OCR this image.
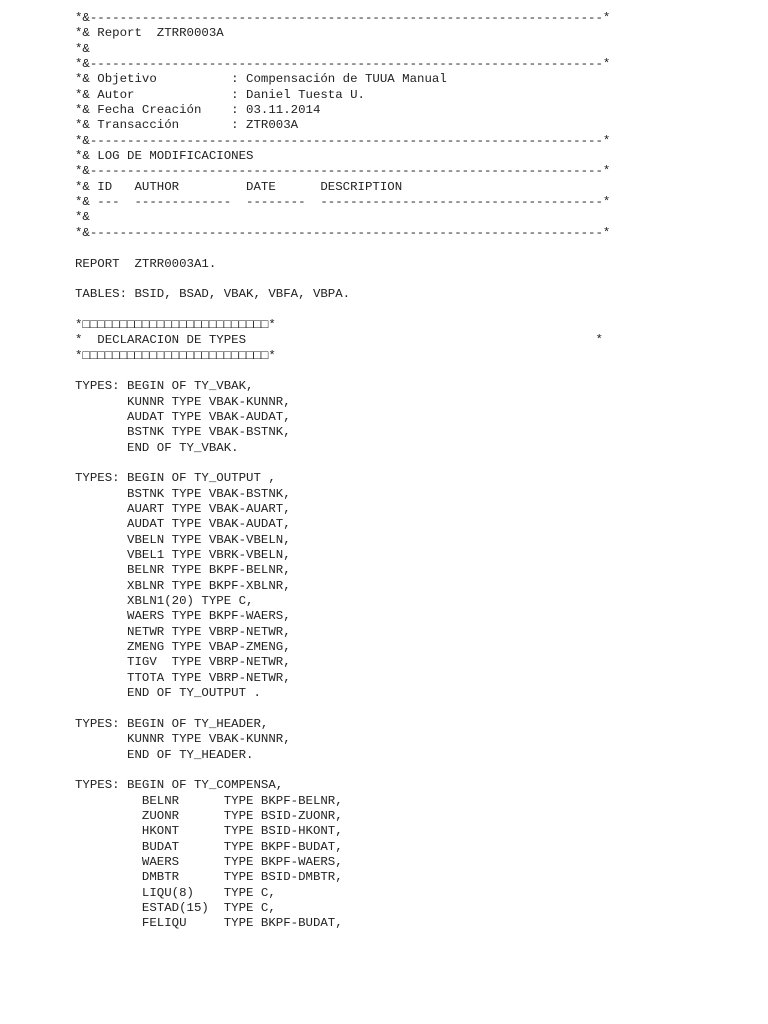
*&---------------------------------------------------------------------*
*& Report  ZTRR0003A
*&
*&---------------------------------------------------------------------*
*& Objetivo          : Compensación de TUUA Manual
*& Autor             : Daniel Tuesta U.
*& Fecha Creación    : 03.11.2014
*& Transacción       : ZTR003A
*&---------------------------------------------------------------------*
*& LOG DE MODIFICACIONES
*&---------------------------------------------------------------------*
*& ID   AUTHOR         DATE      DESCRIPTION
*& ---  -------------  --------  --------------------------------------*
*&
*&---------------------------------------------------------------------*
REPORT  ZTRR0003A1.
TABLES: BSID, BSAD, VBAK, VBFA, VBPA.
*□□□□□□□□□□□□□□□□□□□□□□□□□*
*  DECLARACION DE TYPES                                               *
*□□□□□□□□□□□□□□□□□□□□□□□□□*
TYPES: BEGIN OF TY_VBAK,
KUNNR TYPE VBAK-KUNNR,
AUDAT TYPE VBAK-AUDAT,
BSTNK TYPE VBAK-BSTNK,
END OF TY_VBAK.
TYPES: BEGIN OF TY_OUTPUT ,
BSTNK TYPE VBAK-BSTNK,
AUART TYPE VBAK-AUART,
AUDAT TYPE VBAK-AUDAT,
VBELN TYPE VBAK-VBELN,
VBEL1 TYPE VBRK-VBELN,
BELNR TYPE BKPF-BELNR,
XBLNR TYPE BKPF-XBLNR,
XBLN1(20) TYPE C,
WAERS TYPE BKPF-WAERS,
NETWR TYPE VBRP-NETWR,
ZMENG TYPE VBAP-ZMENG,
TIGV  TYPE VBRP-NETWR,
TTOTA TYPE VBRP-NETWR,
END OF TY_OUTPUT .
TYPES: BEGIN OF TY_HEADER,
KUNNR TYPE VBAK-KUNNR,
END OF TY_HEADER.
TYPES: BEGIN OF TY_COMPENSA,
BELNR      TYPE BKPF-BELNR,
ZUONR      TYPE BSID-ZUONR,
HKONT      TYPE BSID-HKONT,
BUDAT      TYPE BKPF-BUDAT,
WAERS      TYPE BKPF-WAERS,
DMBTR      TYPE BSID-DMBTR,
LIQU(8)    TYPE C,
ESTAD(15)  TYPE C,
FELIQU     TYPE BKPF-BUDAT,
